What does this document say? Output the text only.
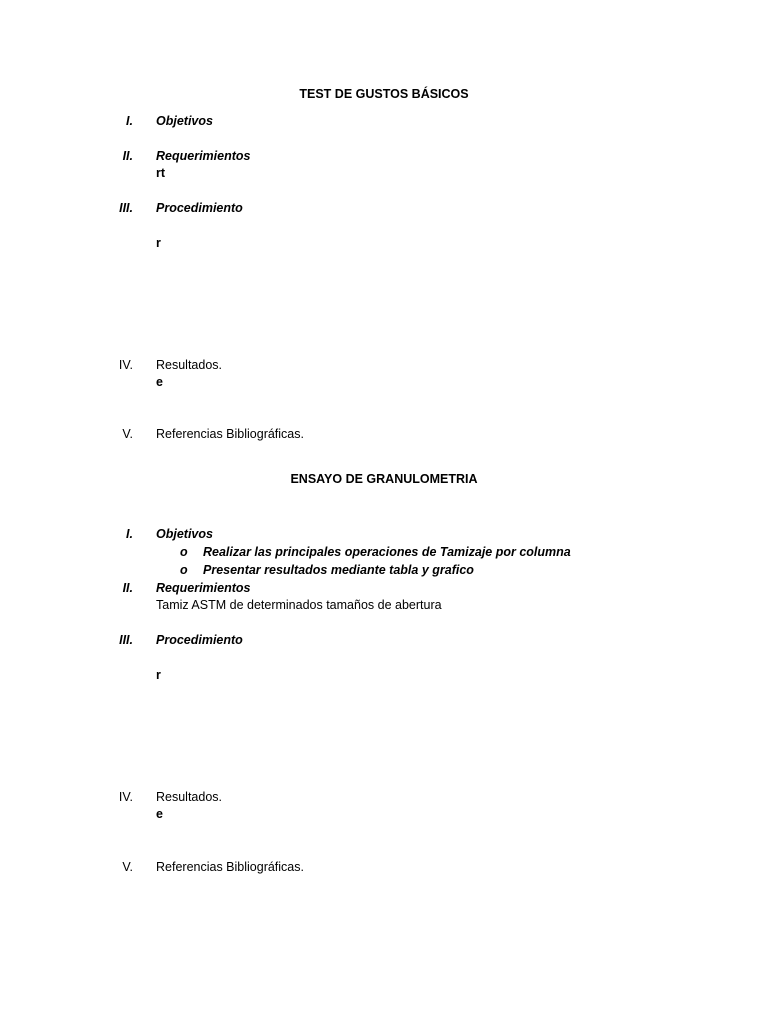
TEST DE GUSTOS BÁSICOS
I. Objetivos
II. Requerimientos
rt
III. Procedimiento
r
IV. Resultados.
e
V. Referencias Bibliográficas.
ENSAYO DE GRANULOMETRIA
I. Objetivos
o Realizar las principales operaciones de Tamizaje por columna
o Presentar resultados mediante tabla y grafico
II. Requerimientos
Tamiz ASTM de determinados tamaños de abertura
III. Procedimiento
r
IV. Resultados.
e
V. Referencias Bibliográficas.
